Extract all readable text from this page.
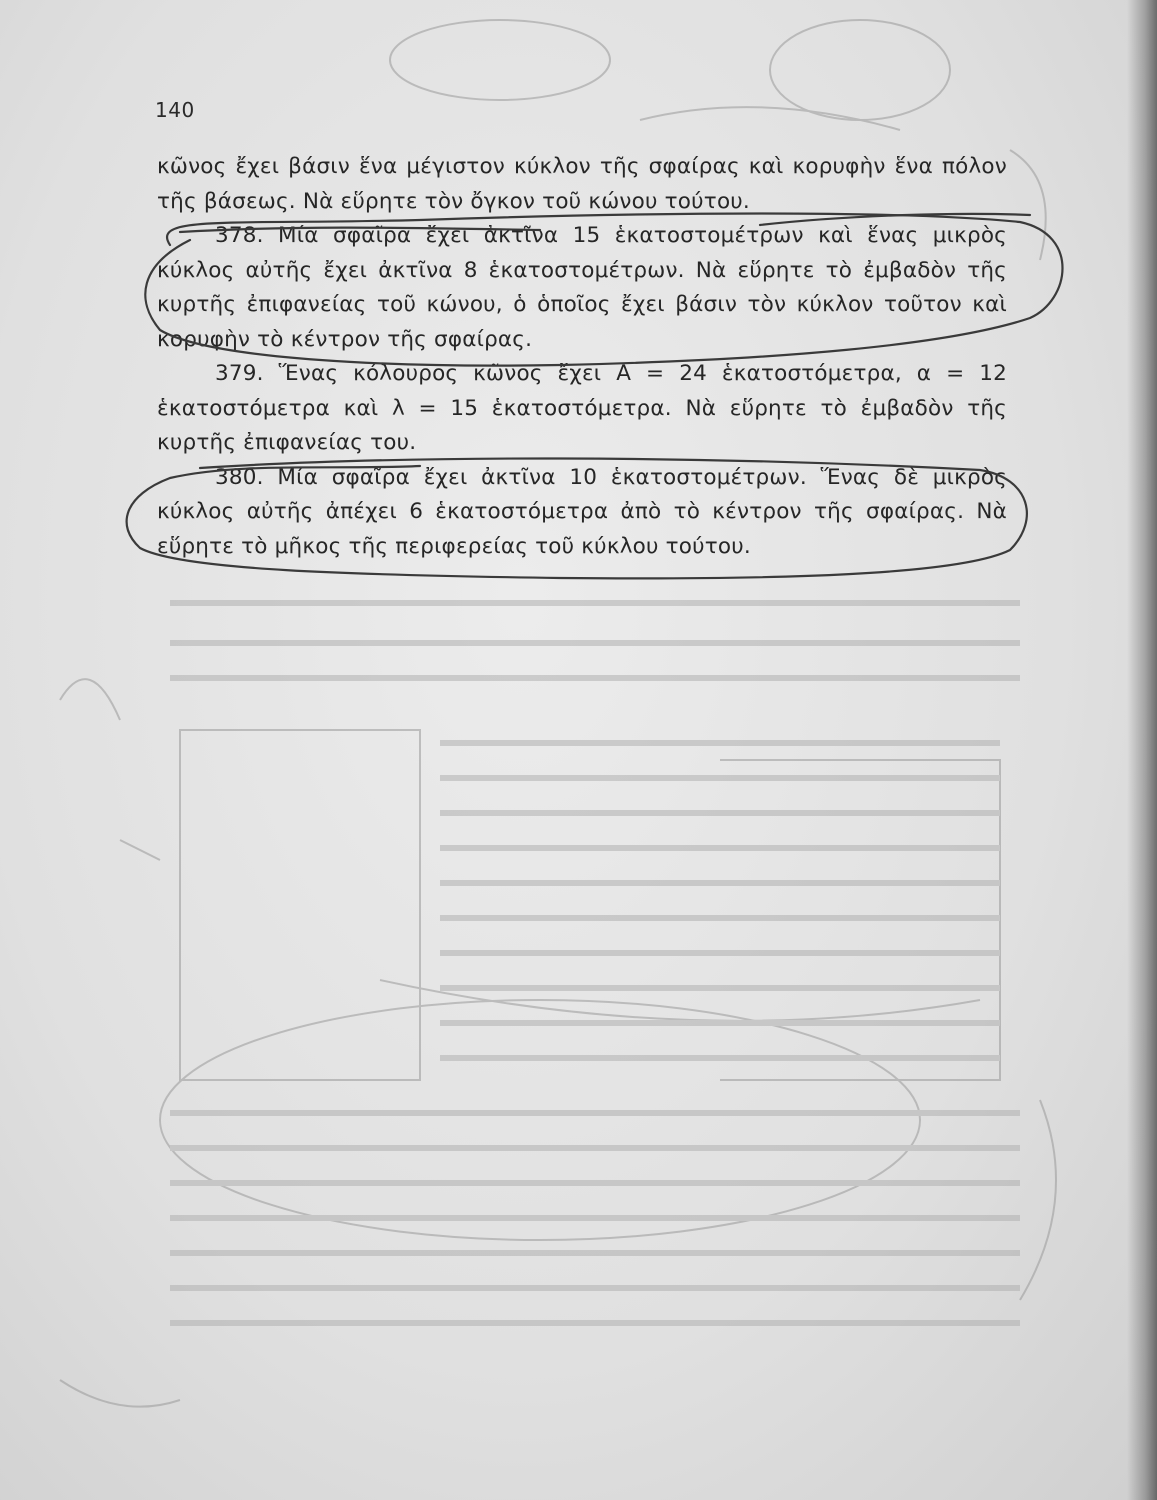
140

κῶνος ἔχει βάσιν ἕνα μέγιστον κύκλον τῆς σφαίρας καὶ κορυφὴν ἕνα πόλον τῆς βάσεως. Νὰ εὕρητε τὸν ὄγκον τοῦ κώνου τούτου.

378. Μία σφαῖρα ἔχει ἀκτῖνα 15 ἑκατοστομέτρων καὶ ἕνας μικρὸς κύκλος αὐτῆς ἔχει ἀκτῖνα 8 ἑκατοστομέτρων. Νὰ εὕρητε τὸ ἐμβαδὸν τῆς κυρτῆς ἐπιφανείας τοῦ κώνου, ὁ ὁποῖος ἔχει βάσιν τὸν κύκλον τοῦτον καὶ κορυφὴν τὸ κέντρον τῆς σφαίρας.

379. Ἕνας κόλουρος κῶνος ἔχει Α = 24 ἑκατοστόμετρα, α = 12 ἑκατοστόμετρα καὶ λ = 15 ἑκατοστόμετρα. Νὰ εὕρητε τὸ ἐμβαδὸν τῆς κυρτῆς ἐπιφανείας του.

380. Μία σφαῖρα ἔχει ἀκτῖνα 10 ἑκατοστομέτρων. Ἕνας δὲ μικρὸς κύκλος αὐτῆς ἀπέχει 6 ἑκατοστόμετρα ἀπὸ τὸ κέντρον τῆς σφαίρας. Νὰ εὕρητε τὸ μῆκος τῆς περιφερείας τοῦ κύκλου τούτου.
